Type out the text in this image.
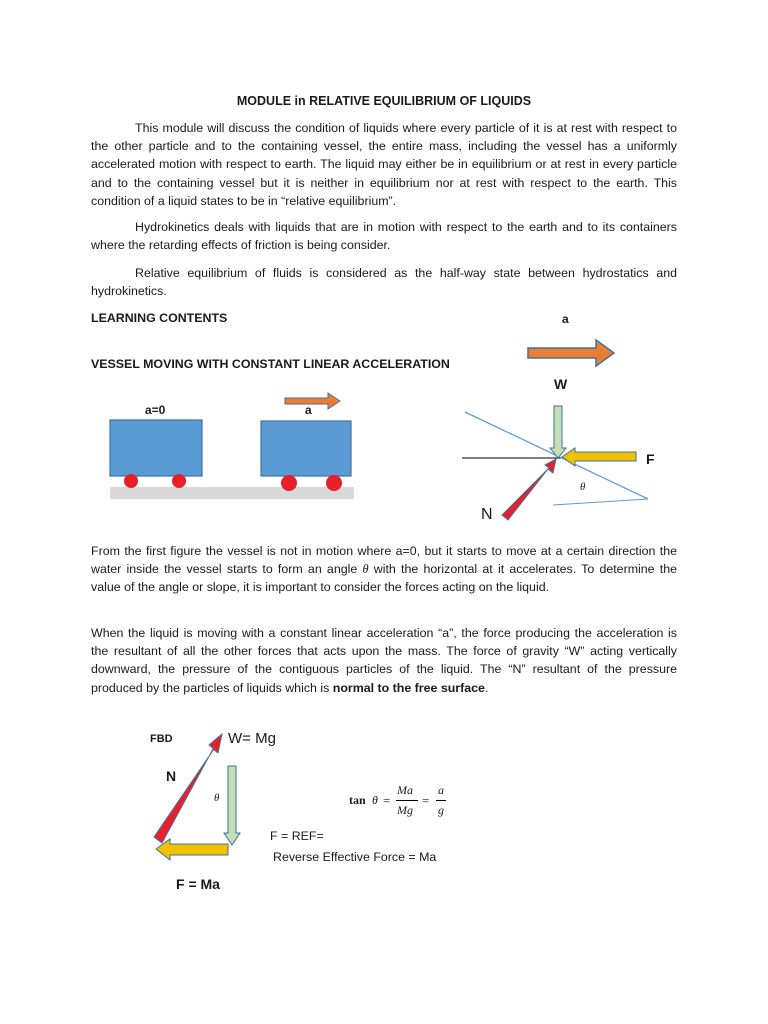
MODULE in RELATIVE EQUILIBRIUM OF LIQUIDS

This module will discuss the condition of liquids where every particle of it is at rest with respect to the other particle and to the containing vessel, the entire mass, including the vessel has a uniformly accelerated motion with respect to earth. The liquid may either be in equilibrium or at rest in every particle and to the containing vessel but it is neither in equilibrium nor at rest with respect to the earth. This condition of a liquid states to be in “relative equilibrium”.

Hydrokinetics deals with liquids that are in motion with respect to the earth and to its containers where the retarding effects of friction is being consider.

Relative equilibrium of fluids is considered as the half-way state between hydrostatics and hydrokinetics.

LEARNING CONTENTS
VESSEL MOVING WITH CONSTANT LINEAR ACCELERATION
a
a=0	a
W
F
N
θ

From the first figure the vessel is not in motion where a=0, but it starts to move at a certain direction the water inside the vessel starts to form an angle θ with the horizontal at it accelerates. To determine the value of the angle or slope, it is important to consider the forces acting on the liquid.

When the liquid is moving with a constant linear acceleration “a”, the force producing the acceleration is the resultant of all the other forces that acts upon the mass. The force of gravity “W” acting vertically downward, the pressure of the contiguous particles of the liquid. The “N” resultant of the pressure produced by the particles of liquids which is normal to the free surface.

FBD	W= Mg
N
θ
F = Ma
tan θ =
Ma
Mg
=
a
g
F = REF=
Reverse Effective Force = Ma
